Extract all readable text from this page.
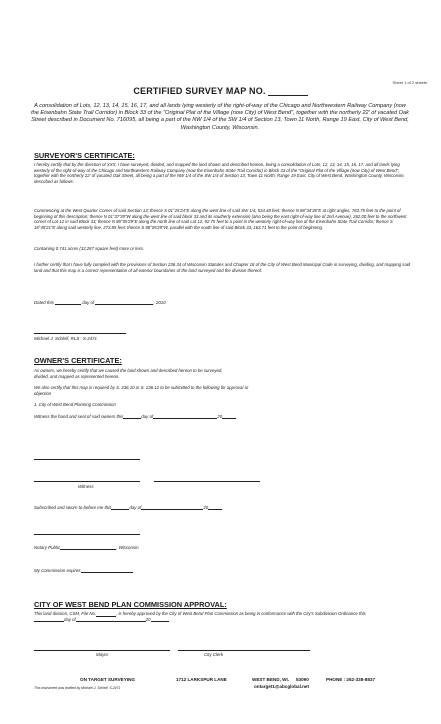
Sheet 1 of 2 sheets
CERTIFIED SURVEY MAP NO.
A consolidation of Lots, 12, 13, 14, 15, 16, 17, and all lands lying westerly of the right-of-way of the Chicago and Northwestern Railway Company (now the Eisenbahn State Trail Corridor) in Block 33 of the "Original Plat of the Village (now City) of West Bend", together with the northerly 22' of vacated Oak Street described in Document No. 716095, all being a part of the NW 1/4 of the SW 1/4 of Section 13, Town 11 North, Range 19 East, City of West Bend, Washington County, Wisconsin.
SURVEYOR'S CERTIFICATE:
I hereby certify that by the direction of XXX, I have surveyed, divided, and mapped the land shown and described hereon, being a consolidation of Lots, 12, 13, 14, 15, 16, 17, and all lands lying westerly of the right-of-way of the Chicago and Northwestern Railway Company (now the Eisenbahn State Trail Corridor) in Block 33 of the "Original Plat of the Village (now City) of West Bend", together with the northerly 22' of vacated Oak Street, all being a part of the NW 1/4 of the SW 1/4 of Section 13, Town 11 North, Range 19 East, City of West Bend, Washington County, Wisconsin, described as follows:
Commencing at the West Quarter Corner of said Section 13; thence S 01°25'24"E along the west line of said SW 1/4, 534.48 feet; thence N 88°34'36"E at right angles, 763.75 feet to the point of beginning of this description; thence N 01°37'39"W along the west line of said block 33 and its southerly extension (also being the east right-of-way line of 2nd Avenue), 262.00 feet to the northwest corner of Lot 12 in said Block 33; thence N 88°05'29"E along the north line of said Lot 12, 92.75 feet to a point in the westerly right-of-way line of the Eisenbahn State Trail Corridor; thence S 18°49'21"E along said westerly line, 273.85 feet; thence S 88°05'29"W, parallel with the south line of said Block 33, 163.71 feet to the point of beginning.
Containing 0.741 acres (32,287 square feet) more or less.
I further certify that I have fully complied with the provisions of Section 236.34 of Wisconsin Statutes and Chapter 18 of the City of West Bend Municipal Code in surveying, dividing, and mapping said land and that this map is a correct representation of all exterior boundaries of the land surveyed and the division thereof.
Dated this	day of	, 2010
Michael J. Schleif, RLS S-2471
OWNER'S CERTIFICATE:
As owners, we hereby certify that we caused the land shown and described hereon to be surveyed, divided, and mapped as represented hereon.
We also certify that this map is required by S. 236.10 or S. 236.12 to be submitted to the following for approval or objection
1. City of West Bend Planning Commission
Witness the hand and seal of said owners this	day of	20
Witness
Subscribed and sworn to before me this	day of	20
Notary Public	, Wisconsin
My Commission expires
CITY OF WEST BEND PLAN COMMISSION APPROVAL:
This land division, CSM, File No.	, is hereby approved by the City of West Bend Plan Commission as being in conformance with the City's Subdivision Ordinance thisday of	20
Mayor	City Clerk
ON TARGET SURVEYING	1712 LARKSPUR LANE	WEST BEND, WI. 53090	PHONE : 262-338-8837
ontarget1@abcglobal.net
This instrument was drafted by Michael J. Schleif, S-2471
